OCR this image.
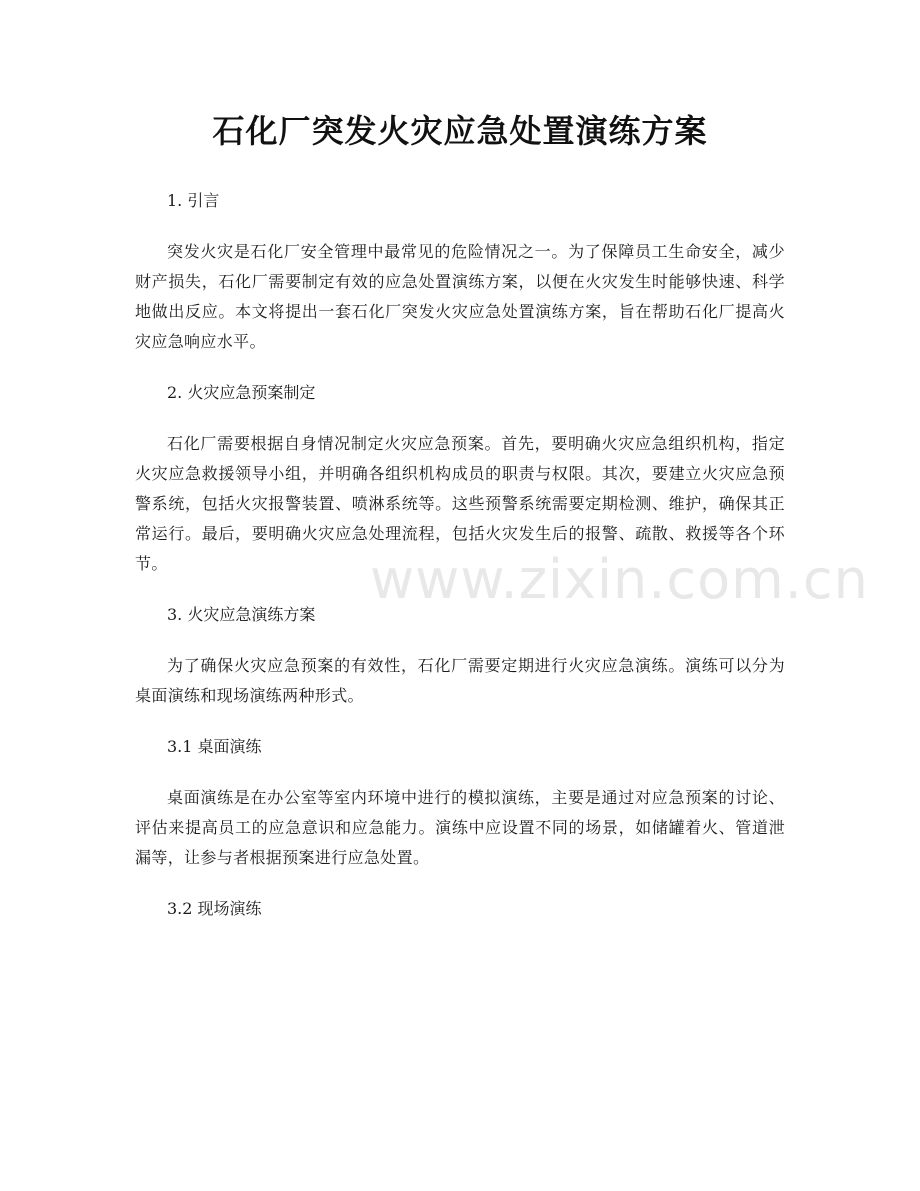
石化厂突发火灾应急处置演练方案

1. 引言

突发火灾是石化厂安全管理中最常见的危险情况之一。为了保障员工生命安全，减少财产损失，石化厂需要制定有效的应急处置演练方案，以便在火灾发生时能够快速、科学地做出反应。本文将提出一套石化厂突发火灾应急处置演练方案，旨在帮助石化厂提高火灾应急响应水平。

2. 火灾应急预案制定

石化厂需要根据自身情况制定火灾应急预案。首先，要明确火灾应急组织机构，指定火灾应急救援领导小组，并明确各组织机构成员的职责与权限。其次，要建立火灾应急预警系统，包括火灾报警装置、喷淋系统等。这些预警系统需要定期检测、维护，确保其正常运行。最后，要明确火灾应急处理流程，包括火灾发生后的报警、疏散、救援等各个环节。

3. 火灾应急演练方案

为了确保火灾应急预案的有效性，石化厂需要定期进行火灾应急演练。演练可以分为桌面演练和现场演练两种形式。

3.1 桌面演练

桌面演练是在办公室等室内环境中进行的模拟演练，主要是通过对应急预案的讨论、评估来提高员工的应急意识和应急能力。演练中应设置不同的场景，如储罐着火、管道泄漏等，让参与者根据预案进行应急处置。

3.2 现场演练

www.zixin.com.cn
